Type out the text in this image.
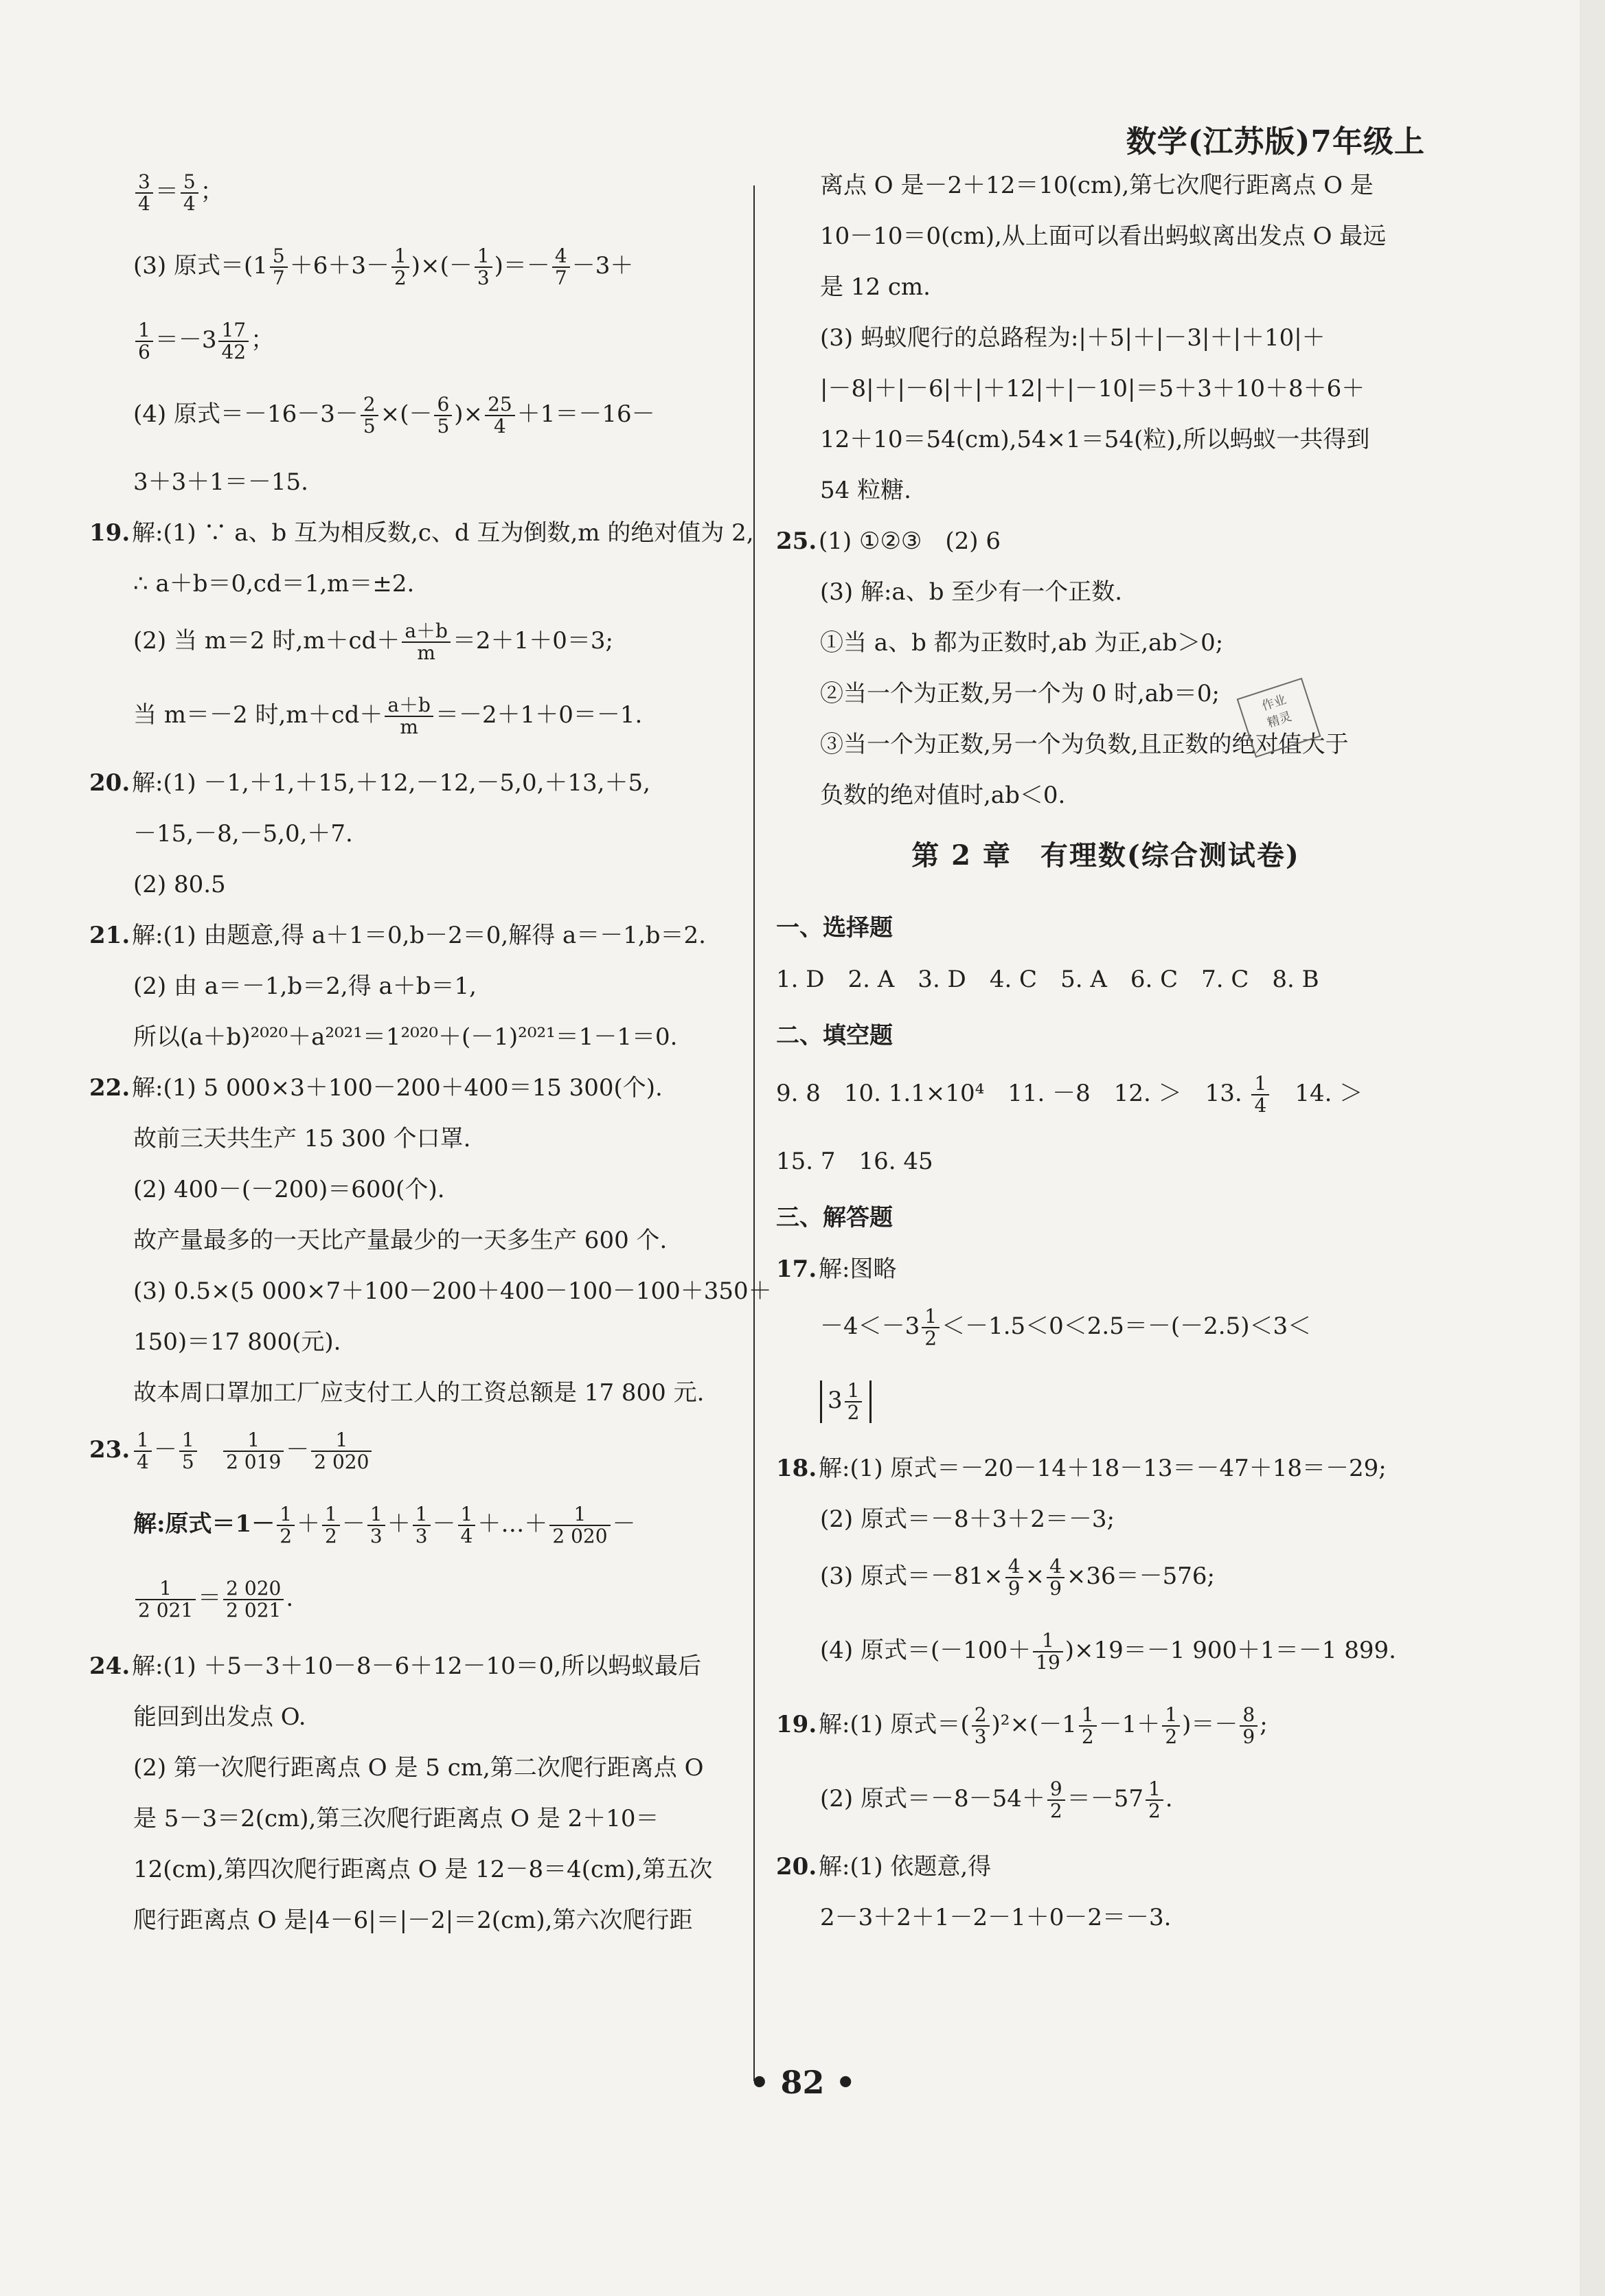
数学(江苏版)7年级上
$\frac{3}{4} = \frac{5}{4}$ ；
(3) 原式$=(1 \frac{5}{7} +6+3- \frac{1}{2}$ )×(－ $\frac{1}{3}$ )＝－ $\frac{4}{7} -3+$
$\frac{1}{6} =-3 \frac{17}{42}$ ；
(4) 原式$=-16-3- \frac{2}{5}$ ×(－ $\frac{6}{5}$ )× $\frac{25}{4} +1=-16-$
3＋3＋1＝－15.
19.解:(1) ∵ a、b 互为相反数,c、d 互为倒数,m 的绝对值为 2,
∴ a＋b＝0,cd＝1,m＝±2.
(2) 当 m＝2 时$,m+cd+ \frac{a+b}{m} =2+1+0=3$;
当 m＝－2 时$,m+cd+ \frac{a+b}{m} =-2+1+0=-1$.
20.解:(1) －1,＋1,＋15,＋12,－12,－5,0,＋13,＋5,
－15,－8,－5,0,＋7.
(2) 80.5
21.解:(1) 由题意,得 a＋1＝0,b－2＝0,解得 a＝－1,b＝2.
(2) 由 a＝－1,b＝2,得 a＋b＝1,
所以(a＋b)²⁰²⁰＋a²⁰²¹＝1²⁰²⁰＋(－1)²⁰²¹＝1－1＝0.
22.解:(1) 5 000×3＋100－200＋400＝15 300(个).
故前三天共生产 15 300 个口罩.
(2) 400－(－200)＝600(个).
故产量最多的一天比产量最少的一天多生产 600 个.
(3) 0.5×(5 000×7＋100－200＋400－100－100＋350＋
150)＝17 800(元).
故本周口罩加工厂应支付工人的工资总额是 17 800 元.
23. $\frac{1}{4} - \frac{1}{5}$
$\frac{1}{2 019} - \frac{1}{2 020}$
解:原式$=1- \frac{1}{2} + \frac{1}{2} - \frac{1}{3} + \frac{1}{3} - \frac{1}{4}$ ＋…＋ $\frac{1}{2 020}$ －
$\frac{1}{2 021} = \frac{2 020}{2 021}$ .
24.解:(1) ＋5－3＋10－8－6＋12－10＝0,所以蚂蚁最后
能回到出发点 O.
(2) 第一次爬行距离点 O 是 5 cm,第二次爬行距离点 O
是 5－3＝2(cm),第三次爬行距离点 O 是 2＋10＝
12(cm),第四次爬行距离点 O 是 12－8＝4(cm),第五次
爬行距离点 O 是|4－6|＝|－2|＝2(cm),第六次爬行距
离点 O 是－2＋12＝10(cm),第七次爬行距离点 O 是
10－10＝0(cm),从上面可以看出蚂蚁离出发点 O 最远
是 12 cm.
(3) 蚂蚁爬行的总路程为:|＋5|＋|－3|＋|＋10|＋
|－8|＋|－6|＋|＋12|＋|－10|＝5＋3＋10＋8＋6＋
12＋10＝54(cm),54×1＝54(粒),所以蚂蚁一共得到
54 粒糖.
25.(1) ①②③　(2) 6
(3) 解:a、b 至少有一个正数.
①当 a、b 都为正数时,ab 为正,ab＞0;
②当一个为正数,另一个为 0 时,ab＝0;
③当一个为正数,另一个为负数,且正数的绝对值大于
负数的绝对值时,ab＜0.
第 2 章　有理数(综合测试卷)
一、选择题
1. D　2. A　3. D　4. C　5. A　6. C　7. C　8. B
二、填空题
9. 8　10. 1.1×10⁴　11. －8　12. ＞　13. $\frac{1}{4}$
　 14. ＞
15. 7　16. 45
三、解答题
17.解:图略
$-4<-3 \frac{1}{2} <-1.5<0<2.5=-(-2.5)<3<$
$3 \frac{1}{2}$
18.解:(1) 原式＝－20－14＋18－13＝－47＋18＝－29;
(2) 原式＝－8＋3＋2＝－3;
(3) 原式$=-81\times \frac{4}{9} \times \frac{4}{9} \times 36=-576$;
(4) 原式$=(-100+ \frac{1}{19} )\times 19=-1$ 900＋1＝－1 899.
19.解:(1) 原式＝( $\frac{2}{3} )^2\times(-1 \frac{1}{2} -1+ \frac{1}{2}$ )＝－ $\frac{8}{9}$ ;
(2) 原式$=-8-54+ \frac{9}{2} =-57 \frac{1}{2}$ .
20.解:(1) 依题意,得
2－3＋2＋1－2－1＋0－2＝－3.
作业
精灵
• 82 •
